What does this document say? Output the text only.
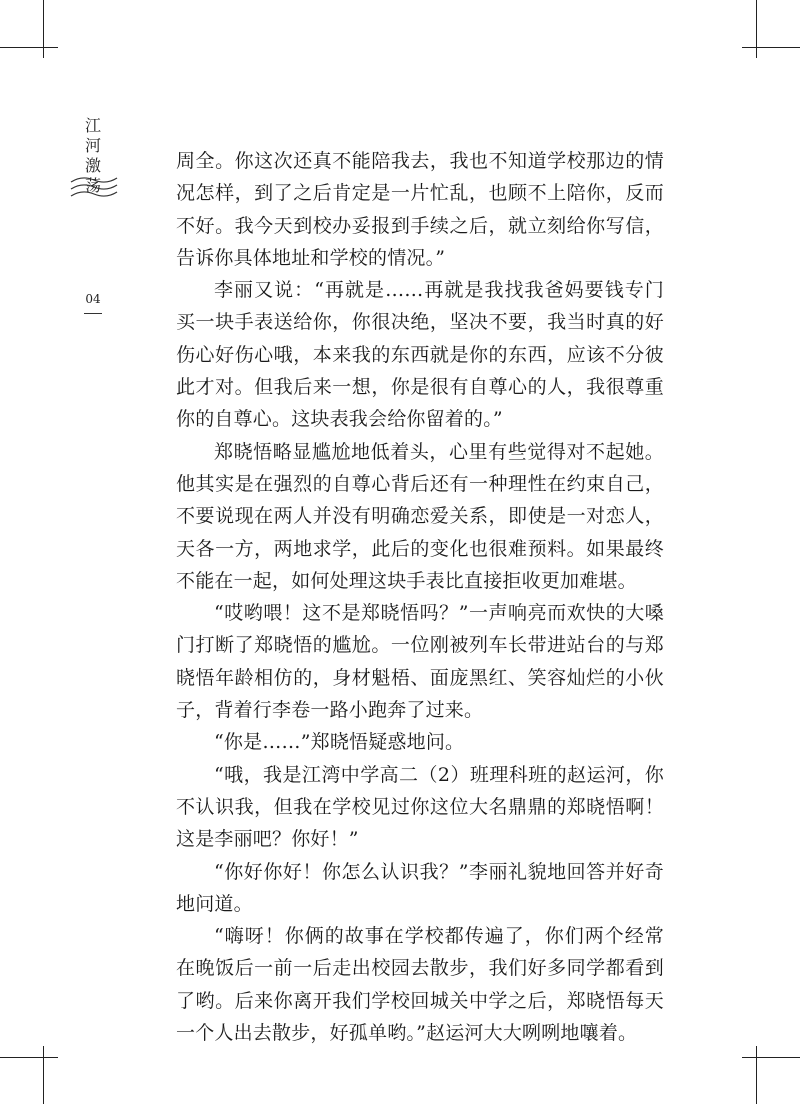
江
河
激
荡
04

周全。你这次还真不能陪我去，我也不知道学校那边的情况怎样，到了之后肯定是一片忙乱，也顾不上陪你，反而不好。我今天到校办妥报到手续之后，就立刻给你写信，告诉你具体地址和学校的情况。”

李丽又说：“再就是……再就是我找我爸妈要钱专门买一块手表送给你，你很决绝，坚决不要，我当时真的好伤心好伤心哦，本来我的东西就是你的东西，应该不分彼此才对。但我后来一想，你是很有自尊心的人，我很尊重你的自尊心。这块表我会给你留着的。”

郑晓悟略显尴尬地低着头，心里有些觉得对不起她。他其实是在强烈的自尊心背后还有一种理性在约束自己，不要说现在两人并没有明确恋爱关系，即使是一对恋人，天各一方，两地求学，此后的变化也很难预料。如果最终不能在一起，如何处理这块手表比直接拒收更加难堪。

“哎哟喂！这不是郑晓悟吗？”一声响亮而欢快的大嗓门打断了郑晓悟的尴尬。一位刚被列车长带进站台的与郑晓悟年龄相仿的，身材魁梧、面庞黑红、笑容灿烂的小伙子，背着行李卷一路小跑奔了过来。

“你是……”郑晓悟疑惑地问。

“哦，我是江湾中学高二（2）班理科班的赵运河，你不认识我，但我在学校见过你这位大名鼎鼎的郑晓悟啊！这是李丽吧？你好！”

“你好你好！你怎么认识我？”李丽礼貌地回答并好奇地问道。

“嗨呀！你俩的故事在学校都传遍了，你们两个经常在晚饭后一前一后走出校园去散步，我们好多同学都看到了哟。后来你离开我们学校回城关中学之后，郑晓悟每天一个人出去散步，好孤单哟。”赵运河大大咧咧地嚷着。
